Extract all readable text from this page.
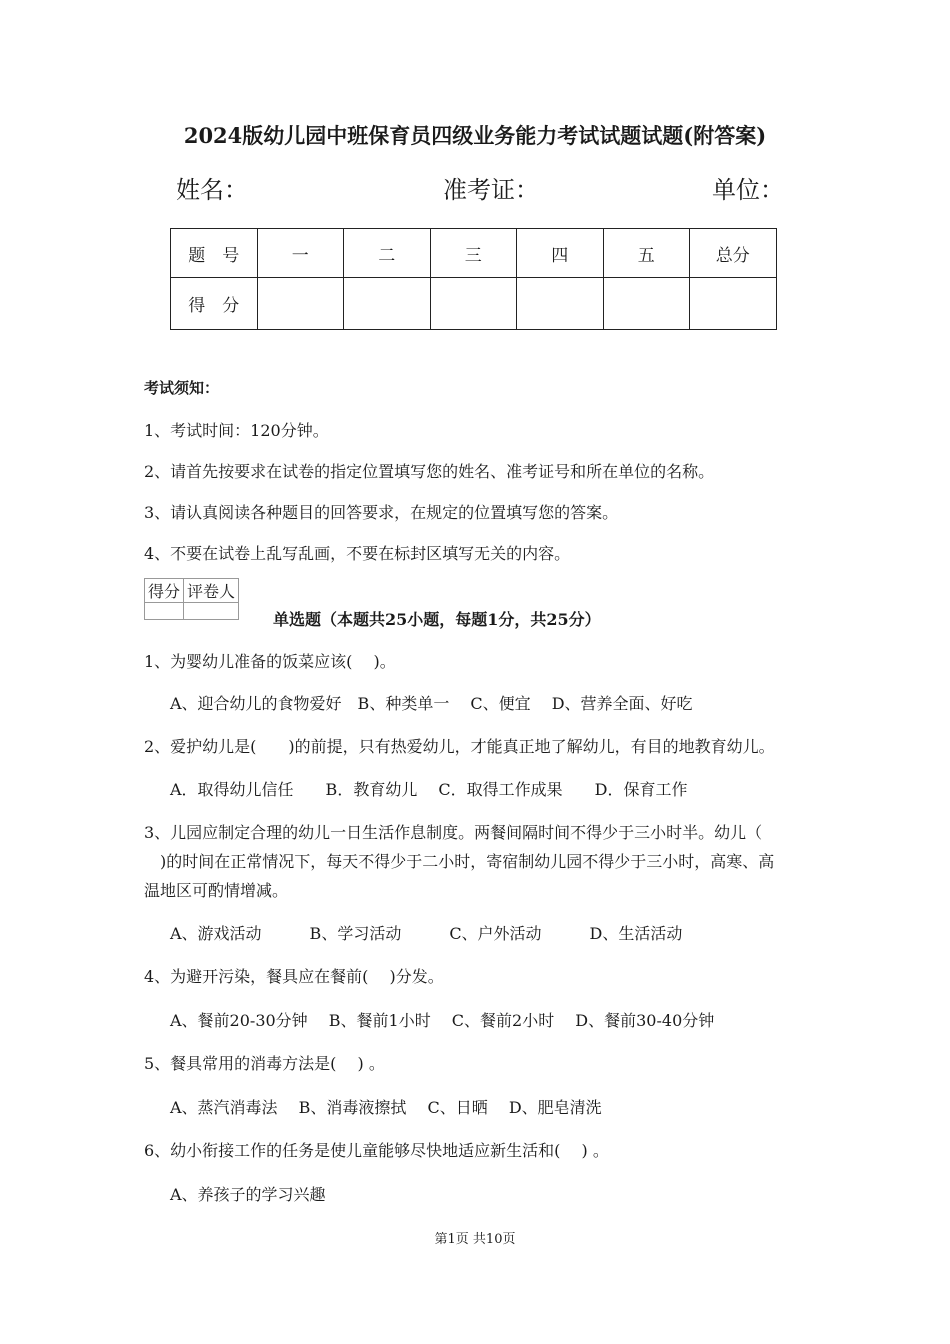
2024版幼儿园中班保育员四级业务能力考试试题试题(附答案)
姓名：	准考证：	单位：
题　号	一	二	三	四	五	总分
得　分						
考试须知：
1、考试时间：120分钟。
2、请首先按要求在试卷的指定位置填写您的姓名、准考证号和所在单位的名称。
3、请认真阅读各种题目的回答要求，在规定的位置填写您的答案。
4、不要在试卷上乱写乱画，不要在标封区填写无关的内容。
得分	评卷人

单选题（本题共25小题，每题1分，共25分）
1、为婴幼儿准备的饭菜应该(　 )。
A、迎合幼儿的食物爱好　B、种类单一　 C、便宜　 D、营养全面、好吃
2、爱护幼儿是(　　)的前提，只有热爱幼儿，才能真正地了解幼儿，有目的地教育幼儿。
A．取得幼儿信任　　B．教育幼儿　 C．取得工作成果　　D．保育工作
3、儿园应制定合理的幼儿一日生活作息制度。两餐间隔时间不得少于三小时半。幼儿（
　)的时间在正常情况下，每天不得少于二小时，寄宿制幼儿园不得少于三小时，高寒、高
温地区可酌情增减。
A、游戏活动　　　B、学习活动　　　C、户外活动　　　D、生活活动
4、为避开污染，餐具应在餐前(　 )分发。
A、餐前20-30分钟　 B、餐前1小时　 C、餐前2小时　 D、餐前30-40分钟
5、餐具常用的消毒方法是(　 ) 。
A、蒸汽消毒法　 B、消毒液擦拭　 C、日晒　 D、肥皂清洗
6、幼小衔接工作的任务是使儿童能够尽快地适应新生活和(　 ) 。
A、养孩子的学习兴趣
第1页 共10页
